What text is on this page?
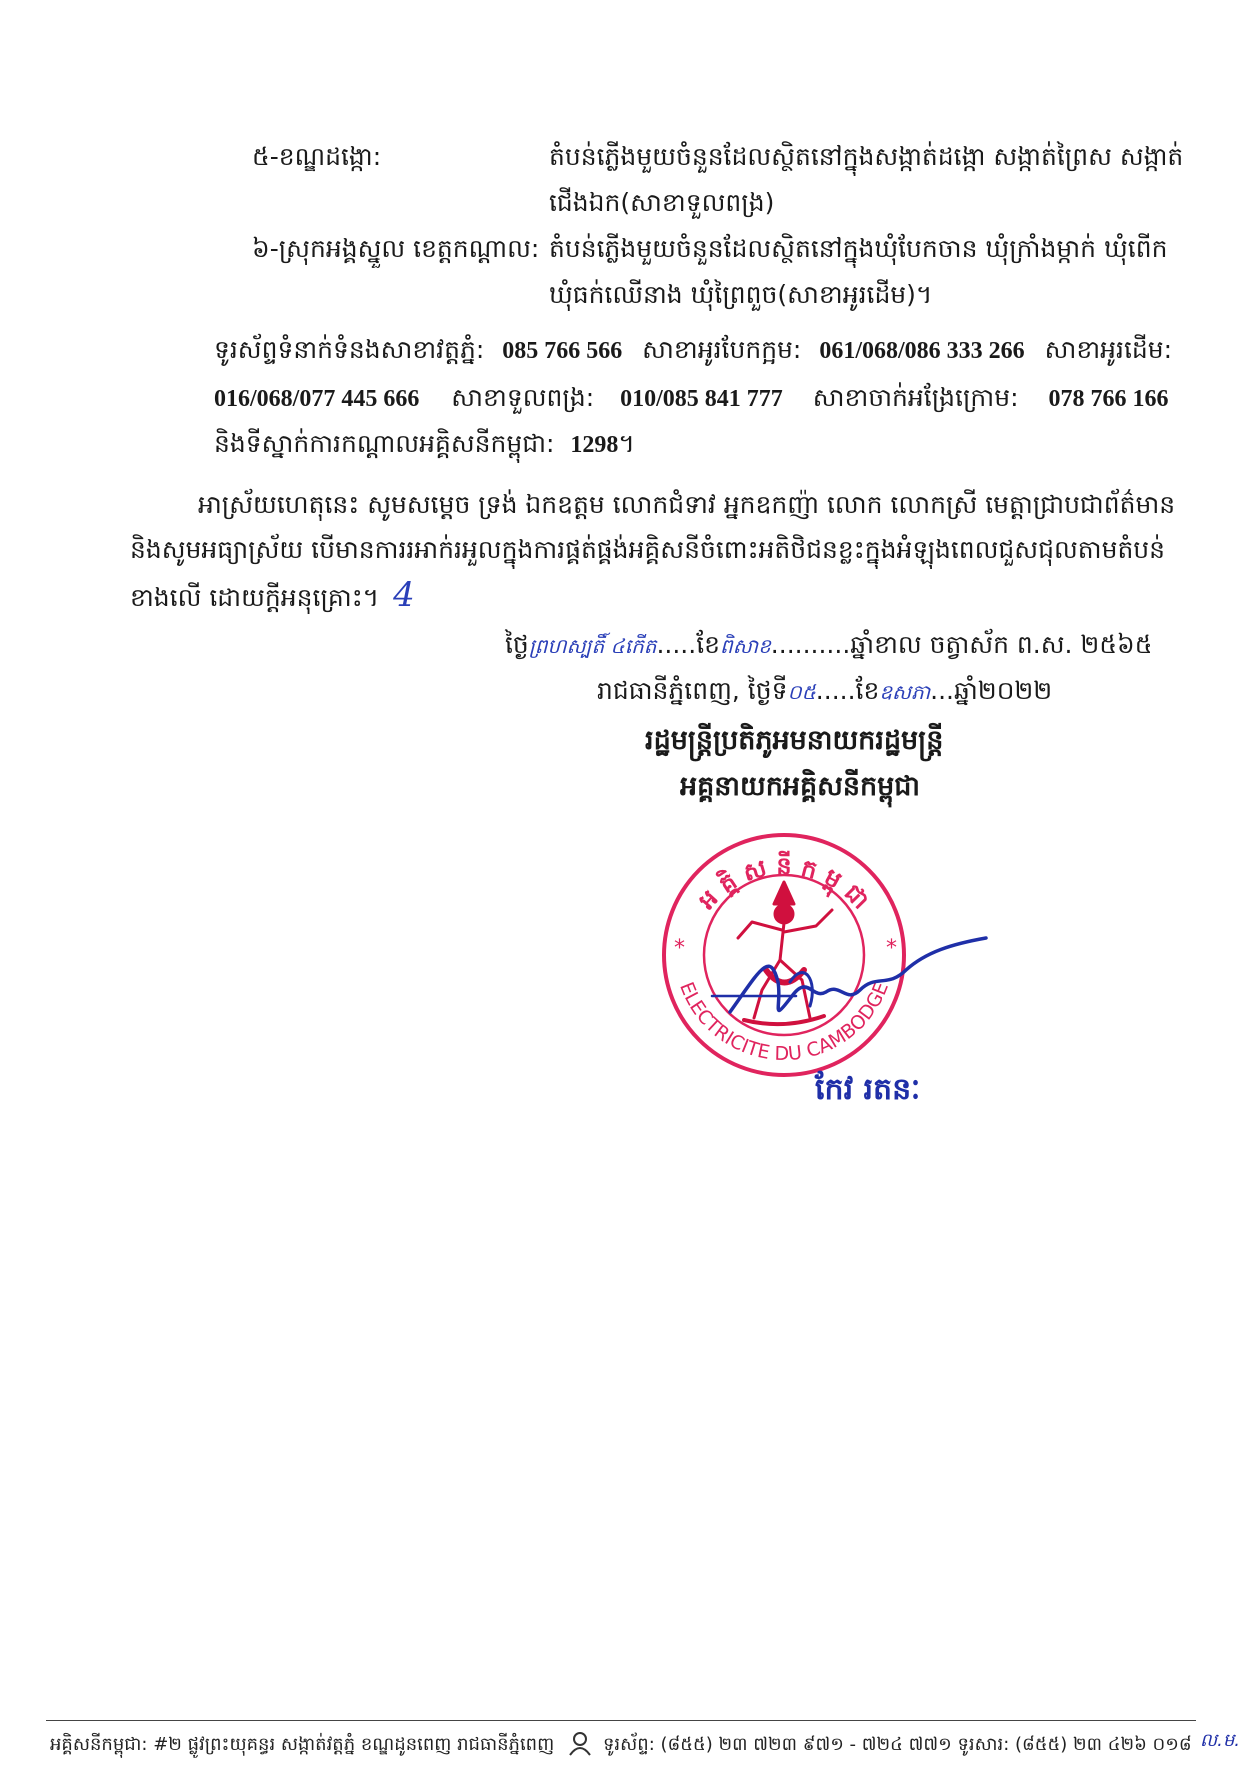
៥-ខណ្ឌដង្កោ:	តំបន់ភ្លើងមួយចំនួនដែលស្ថិតនៅក្នុងសង្កាត់ដង្កោ សង្កាត់ព្រៃស សង្កាត់
ជើងឯក(សាខាទួលពង្រ)
៦-ស្រុកអង្គស្នួល ខេត្តកណ្ដាល: តំបន់ភ្លើងមួយចំនួនដែលស្ថិតនៅក្នុងឃុំបែកចាន ឃុំក្រាំងម្កាក់ ឃុំពើក
ឃុំធក់ឈើនាង ឃុំព្រៃពួច(សាខាអូរដើម)។
ទូរស័ព្ទទំនាក់ទំនងសាខាវត្តភ្នំ: 085 766 566 សាខាអូរបែកក្អម: 061/068/086 333 266 សាខាអូរដើម:
016/068/077 445 666 សាខាទួលពង្រ: 010/085 841 777 សាខាចាក់អង្រែក្រោម: 078 766 166
និងទីស្នាក់ការកណ្ដាលអគ្គិសនីកម្ពុជា: 1298។
អាស្រ័យហេតុនេះ សូមសម្ដេច ទ្រង់ ឯកឧត្ដម លោកជំទាវ អ្នកឧកញ៉ា លោក លោកស្រី មេត្តាជ្រាបជាព័ត៌មាន
និងសូមអធ្យាស្រ័យ បើមានការរអាក់រអួលក្នុងការផ្គត់ផ្គង់អគ្គិសនីចំពោះអតិថិជនខ្លះក្នុងអំឡុងពេលជួសជុលតាមតំបន់
ខាងលើ ដោយក្ដីអនុគ្រោះ។ 4
ថ្ងៃព្រហស្បតិ៍ ៤កើត.....ខែពិសាខ..........ឆ្នាំខាល ចត្វាស័ក ព.ស. ២៥៦៥
រាជធានីភ្នំពេញ, ថ្ងៃទី០៥.....ខែឧសភា...ឆ្នាំ២០២២
រដ្ឋមន្ត្រីប្រតិភូអមនាយករដ្ឋមន្ត្រី
អគ្គនាយកអគ្គិសនីកម្ពុជា
អ គ្គិ ស នី ក ម្ពុ ជា
ELECTRICITE DU CAMBODGE
*	*
កែវ រតនៈ
អគ្គិសនីកម្ពុជា: #២ ផ្លូវព្រះយុគន្ធរ សង្កាត់វត្តភ្នំ ខណ្ឌដូនពេញ រាជធានីភ្នំពេញ	ទូរស័ព្ទ: (៨៥៥) ២៣ ៧២៣ ៩៧១ - ៧២៤ ៧៧១ ទូរសារ: (៨៥៥) ២៣ ៤២៦ ០១៨ ល.ម.
